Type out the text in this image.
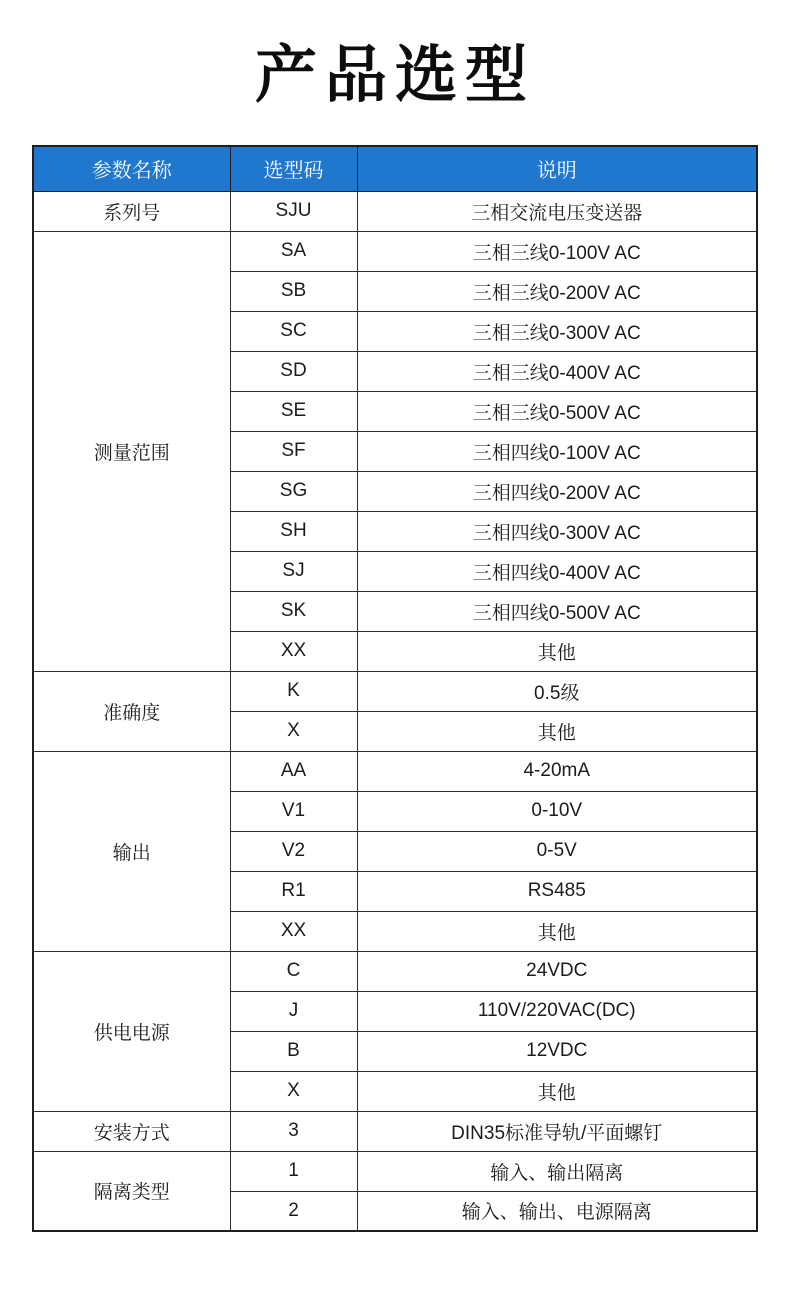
产品选型
参数名称	选型码	说明
系列号	SJU	三相交流电压变送器
测量范围	SA	三相三线0-100V AC
	SB	三相三线0-200V AC
	SC	三相三线0-300V AC
	SD	三相三线0-400V AC
	SE	三相三线0-500V AC
	SF	三相四线0-100V AC
	SG	三相四线0-200V AC
	SH	三相四线0-300V AC
	SJ	三相四线0-400V AC
	SK	三相四线0-500V AC
	XX	其他
准确度	K	0.5级
	X	其他
输出	AA	4-20mA
	V1	0-10V
	V2	0-5V
	R1	RS485
	XX	其他
供电电源	C	24VDC
	J	110V/220VAC(DC)
	B	12VDC
	X	其他
安装方式	3	DIN35标准导轨/平面螺钉
隔离类型	1	输入、输出隔离
	2	输入、输出、电源隔离
